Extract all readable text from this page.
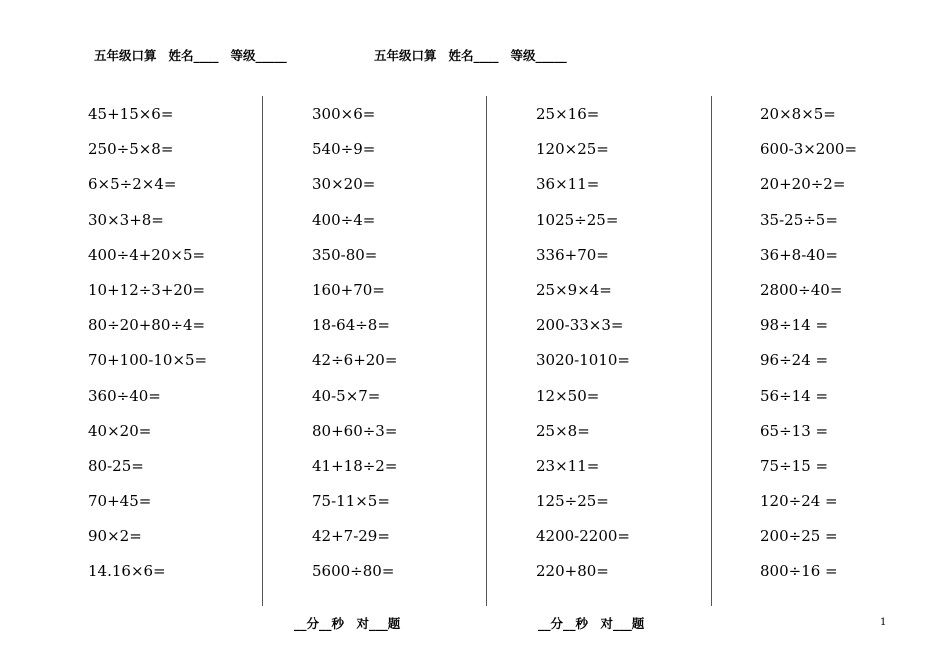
五年级口算 姓名____ 等级_____	五年级口算 姓名____ 等级_____
45+15×6=
250÷5×8=
6×5÷2×4=
30×3+8=
400÷4+20×5=
10+12÷3+20=
80÷20+80÷4=
70+100-10×5=
360÷40=
40×20=
80-25=
70+45=
90×2=
14.16×6=
300×6=
540÷9=
30×20=
400÷4=
350-80=
160+70=
18-64÷8=
42÷6+20=
40-5×7=
80+60÷3=
41+18÷2=
75-11×5=
42+7-29=
5600÷80=
25×16=
120×25=
36×11=
1025÷25=
336+70=
25×9×4=
200-33×3=
3020-1010=
12×50=
25×8=
23×11=
125÷25=
4200-2200=
220+80=
20×8×5=
600-3×200=
20+20÷2=
35-25÷5=
36+8-40=
2800÷40=
98÷14 =
96÷24 =
56÷14 =
65÷13 =
75÷15 =
120÷24 =
200÷25 =
800÷16 =
__分__秒　对___题	__分__秒　对___题	1
